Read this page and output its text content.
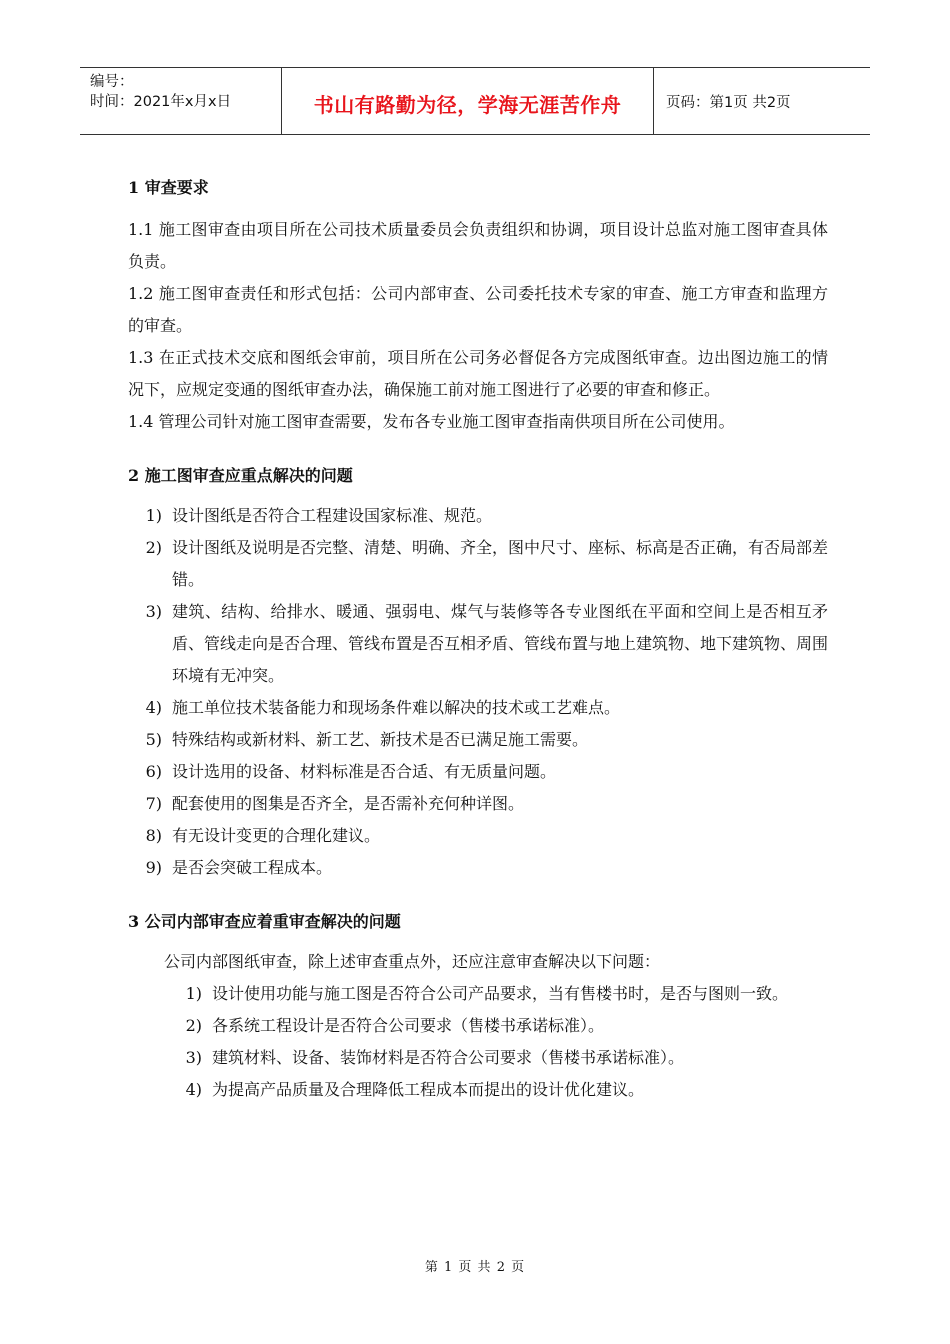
编号：
时间：2021年x月x日	书山有路勤为径，学海无涯苦作舟	页码：第1页 共2页
1 审查要求
1.1 施工图审查由项目所在公司技术质量委员会负责组织和协调，项目设计总监对施工图审查具体负责。
1.2 施工图审查责任和形式包括：公司内部审查、公司委托技术专家的审查、施工方审查和监理方的审查。
1.3 在正式技术交底和图纸会审前，项目所在公司务必督促各方完成图纸审查。边出图边施工的情况下，应规定变通的图纸审查办法，确保施工前对施工图进行了必要的审查和修正。
1.4 管理公司针对施工图审查需要，发布各专业施工图审查指南供项目所在公司使用。
2 施工图审查应重点解决的问题
1) 设计图纸是否符合工程建设国家标准、规范。
2) 设计图纸及说明是否完整、清楚、明确、齐全，图中尺寸、座标、标高是否正确，有否局部差错。
3) 建筑、结构、给排水、暖通、强弱电、煤气与装修等各专业图纸在平面和空间上是否相互矛盾、管线走向是否合理、管线布置是否互相矛盾、管线布置与地上建筑物、地下建筑物、周围环境有无冲突。
4) 施工单位技术装备能力和现场条件难以解决的技术或工艺难点。
5) 特殊结构或新材料、新工艺、新技术是否已满足施工需要。
6) 设计选用的设备、材料标准是否合适、有无质量问题。
7) 配套使用的图集是否齐全，是否需补充何种详图。
8) 有无设计变更的合理化建议。
9) 是否会突破工程成本。
3 公司内部审查应着重审查解决的问题
公司内部图纸审查，除上述审查重点外，还应注意审查解决以下问题：
1) 设计使用功能与施工图是否符合公司产品要求，当有售楼书时，是否与图则一致。
2) 各系统工程设计是否符合公司要求（售楼书承诺标准）。
3) 建筑材料、设备、装饰材料是否符合公司要求（售楼书承诺标准）。
4) 为提高产品质量及合理降低工程成本而提出的设计优化建议。
第 1 页 共 2 页
